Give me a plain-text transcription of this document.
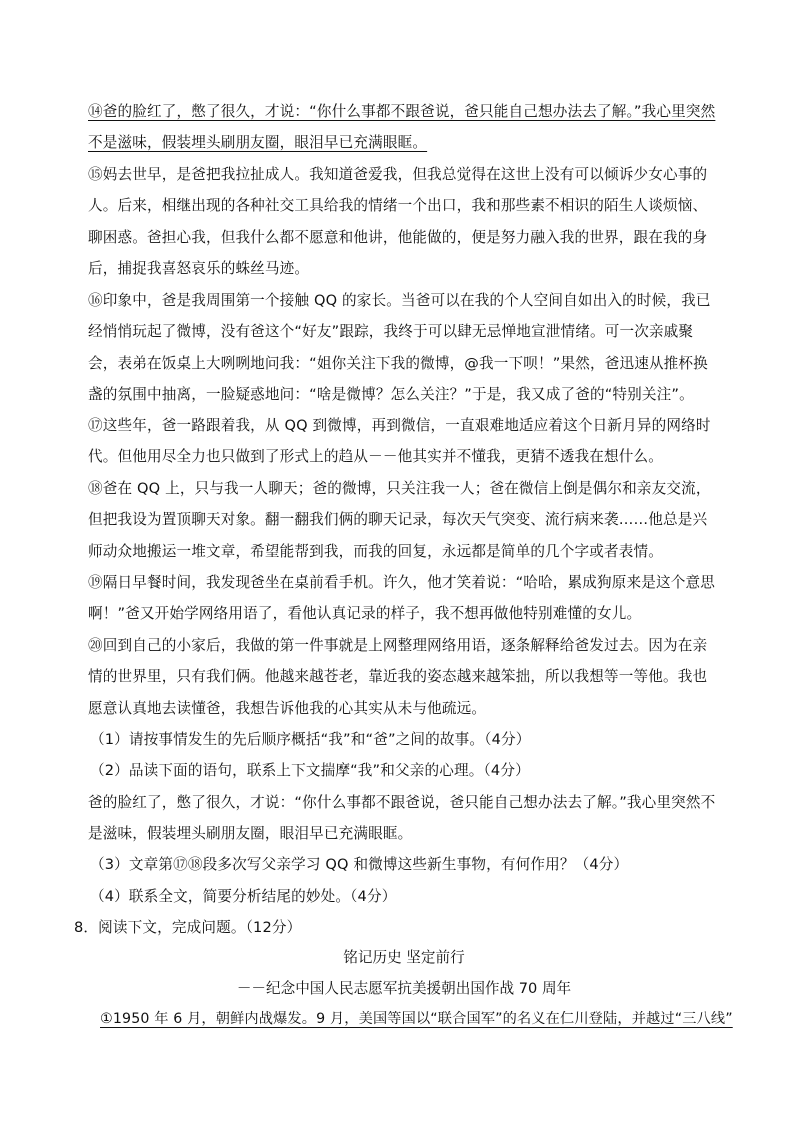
⑭爸的脸红了，憋了很久，才说：“你什么事都不跟爸说，爸只能自己想办法去了解。”我心里突然不是滋味，假装埋头刷朋友圈，眼泪早已充满眼眶。

⑮妈去世早，是爸把我拉扯成人。我知道爸爱我，但我总觉得在这世上没有可以倾诉少女心事的人。后来，相继出现的各种社交工具给我的情绪一个出口，我和那些素不相识的陌生人谈烦恼、聊困惑。爸担心我，但我什么都不愿意和他讲，他能做的，便是努力融入我的世界，跟在我的身后，捕捉我喜怒哀乐的蛛丝马迹。

⑯印象中，爸是我周围第一个接触 QQ 的家长。当爸可以在我的个人空间自如出入的时候，我已经悄悄玩起了微博，没有爸这个“好友”跟踪，我终于可以肆无忌惮地宣泄情绪。可一次亲戚聚会，表弟在饭桌上大咧咧地问我：“姐你关注下我的微博，@我一下呗！”果然，爸迅速从推杯换盏的氛围中抽离，一脸疑惑地问：“啥是微博？怎么关注？”于是，我又成了爸的“特别关注”。

⑰这些年，爸一路跟着我，从 QQ 到微博，再到微信，一直艰难地适应着这个日新月异的网络时代。但他用尽全力也只做到了形式上的趋从－－他其实并不懂我，更猜不透我在想什么。

⑱爸在 QQ 上，只与我一人聊天；爸的微博，只关注我一人；爸在微信上倒是偶尔和亲友交流，但把我设为置顶聊天对象。翻一翻我们俩的聊天记录，每次天气突变、流行病来袭……他总是兴师动众地搬运一堆文章，希望能帮到我，而我的回复，永远都是简单的几个字或者表情。

⑲隔日早餐时间，我发现爸坐在桌前看手机。许久，他才笑着说：“哈哈，累成狗原来是这个意思啊！”爸又开始学网络用语了，看他认真记录的样子，我不想再做他特别难懂的女儿。

⑳回到自己的小家后，我做的第一件事就是上网整理网络用语，逐条解释给爸发过去。因为在亲情的世界里，只有我们俩。他越来越苍老，靠近我的姿态越来越笨拙，所以我想等一等他。我也愿意认真地去读懂爸，我想告诉他我的心其实从未与他疏远。

（1）请按事情发生的先后顺序概括“我”和“爸”之间的故事。（4分）

（2）品读下面的语句，联系上下文揣摩“我”和父亲的心理。（4分）

爸的脸红了，憋了很久，才说：“你什么事都不跟爸说，爸只能自己想办法去了解。”我心里突然不是滋味，假装埋头刷朋友圈，眼泪早已充满眼眶。

（3）文章第⑰⑱段多次写父亲学习 QQ 和微博这些新生事物，有何作用？（4分）

（4）联系全文，简要分析结尾的妙处。（4分）

8．阅读下文，完成问题。（12分）

铭记历史 坚定前行

－－纪念中国人民志愿军抗美援朝出国作战 70 周年

①1950 年 6 月，朝鲜内战爆发。9 月，美国等国以“联合国军”的名义在仁川登陆，并越过“三八线”
